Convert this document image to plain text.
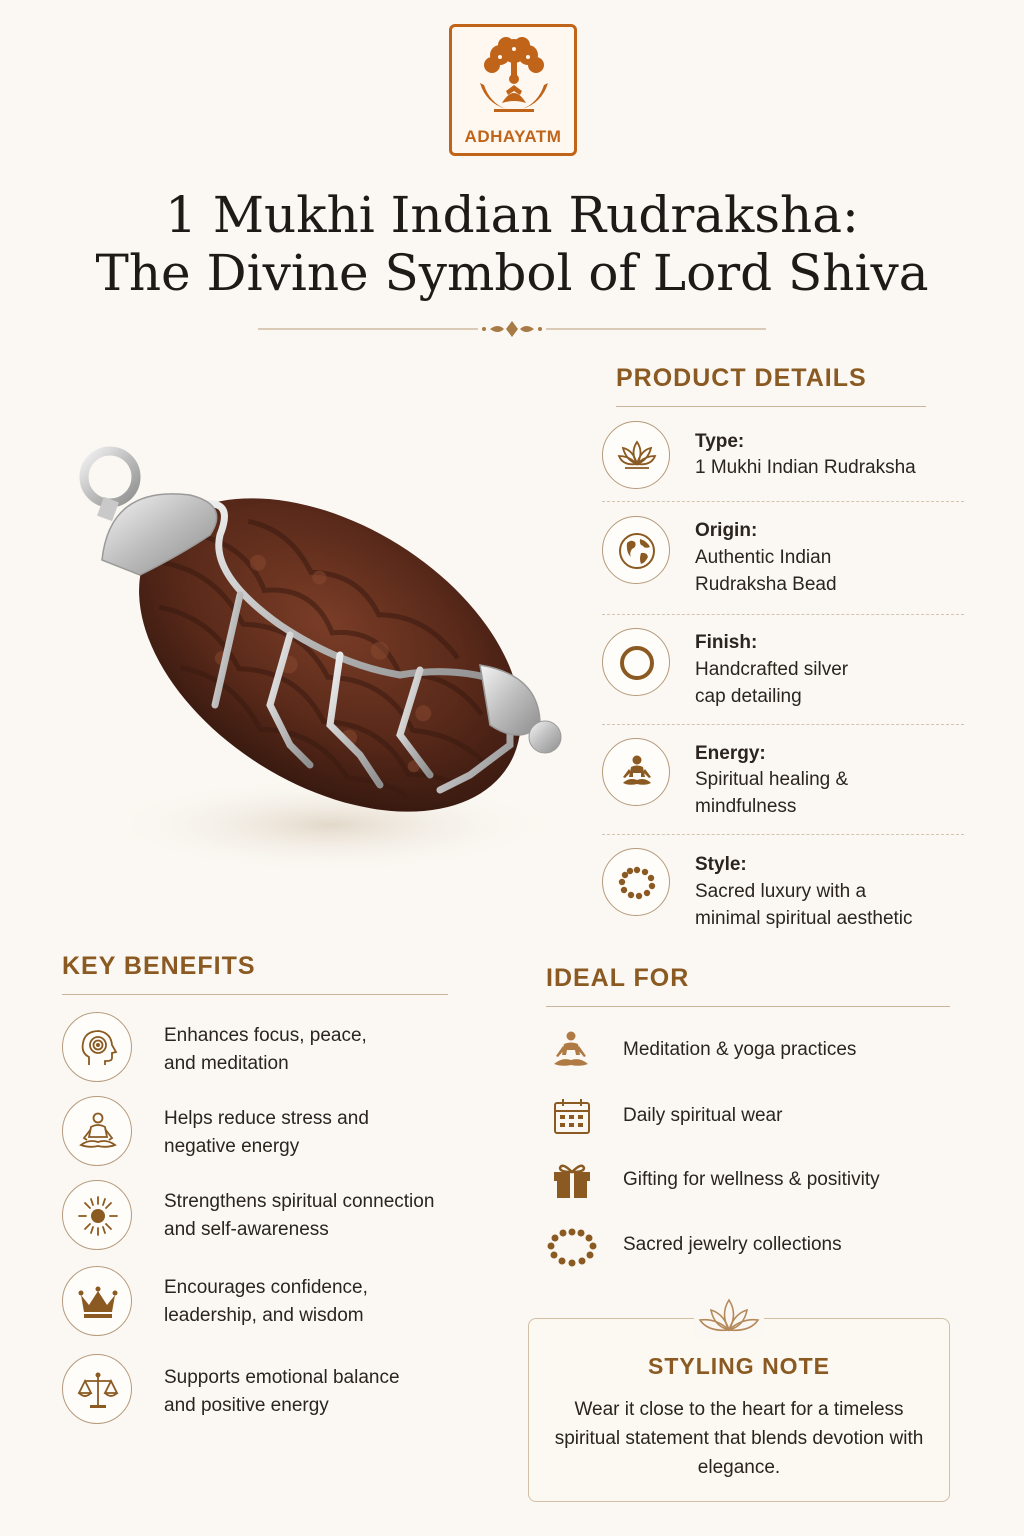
ADHAYATM
1 Mukhi Indian Rudraksha:
The Divine Symbol of Lord Shiva
PRODUCT DETAILS
Type:
1 Mukhi Indian Rudraksha
Origin:
Authentic Indian
Rudraksha Bead
Finish:
Handcrafted silver
cap detailing
Energy:
Spiritual healing &
mindfulness
Style:
Sacred luxury with a
minimal spiritual aesthetic
KEY BENEFITS
Enhances focus, peace,
and meditation
Helps reduce stress and
negative energy
Strengthens spiritual connection
and self-awareness
Encourages confidence,
leadership, and wisdom
Supports emotional balance
and positive energy
IDEAL FOR
Meditation & yoga practices
Daily spiritual wear
Gifting for wellness & positivity
Sacred jewelry collections
STYLING NOTE
Wear it close to the heart for a timeless spiritual statement that blends devotion with elegance.
